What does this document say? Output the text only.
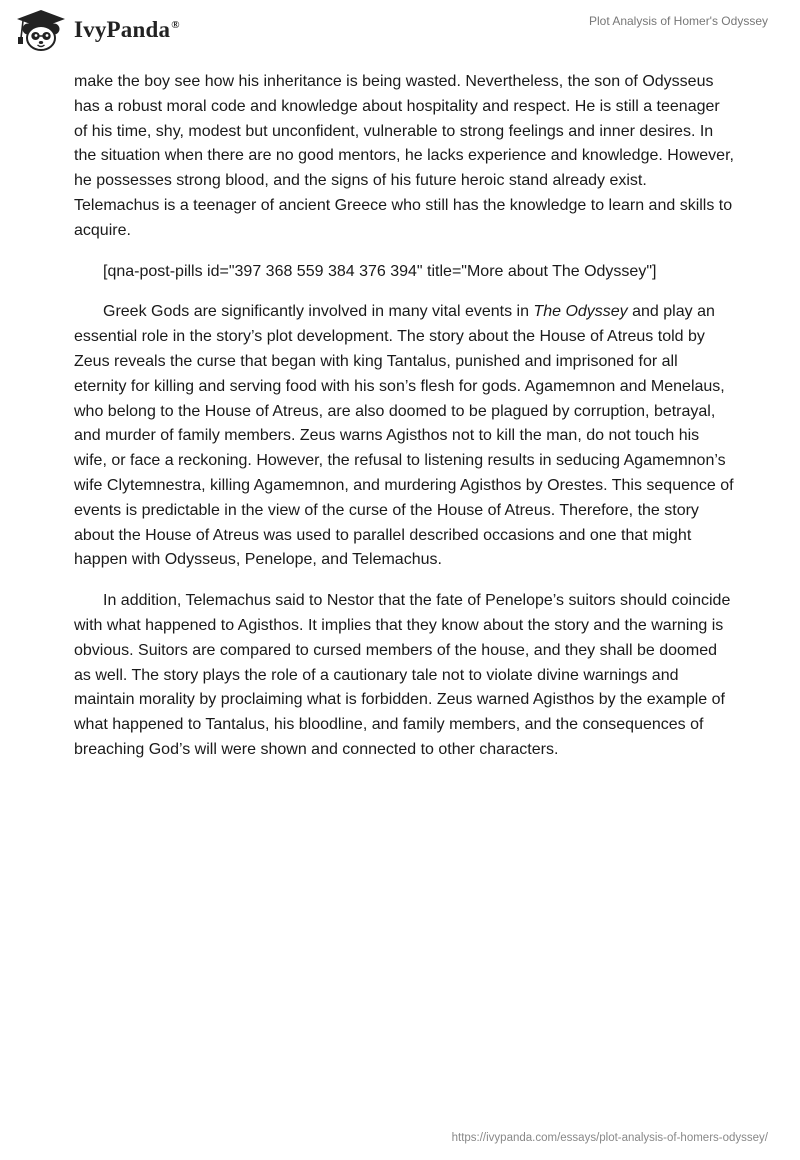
IvyPanda®	Plot Analysis of Homer's Odyssey

make the boy see how his inheritance is being wasted. Nevertheless, the son of Odysseus has a robust moral code and knowledge about hospitality and respect. He is still a teenager of his time, shy, modest but unconfident, vulnerable to strong feelings and inner desires. In the situation when there are no good mentors, he lacks experience and knowledge. However, he possesses strong blood, and the signs of his future heroic stand already exist. Telemachus is a teenager of ancient Greece who still has the knowledge to learn and skills to acquire.

[qna-post-pills id="397 368 559 384 376 394" title="More about The Odyssey"]

Greek Gods are significantly involved in many vital events in The Odyssey and play an essential role in the story’s plot development. The story about the House of Atreus told by Zeus reveals the curse that began with king Tantalus, punished and imprisoned for all eternity for killing and serving food with his son’s flesh for gods. Agamemnon and Menelaus, who belong to the House of Atreus, are also doomed to be plagued by corruption, betrayal, and murder of family members. Zeus warns Agisthos not to kill the man, do not touch his wife, or face a reckoning. However, the refusal to listening results in seducing Agamemnon’s wife Clytemnestra, killing Agamemnon, and murdering Agisthos by Orestes. This sequence of events is predictable in the view of the curse of the House of Atreus. Therefore, the story about the House of Atreus was used to parallel described occasions and one that might happen with Odysseus, Penelope, and Telemachus.

In addition, Telemachus said to Nestor that the fate of Penelope’s suitors should coincide with what happened to Agisthos. It implies that they know about the story and the warning is obvious. Suitors are compared to cursed members of the house, and they shall be doomed as well. The story plays the role of a cautionary tale not to violate divine warnings and maintain morality by proclaiming what is forbidden. Zeus warned Agisthos by the example of what happened to Tantalus, his bloodline, and family members, and the consequences of breaching God’s will were shown and connected to other characters.

https://ivypanda.com/essays/plot-analysis-of-homers-odyssey/
